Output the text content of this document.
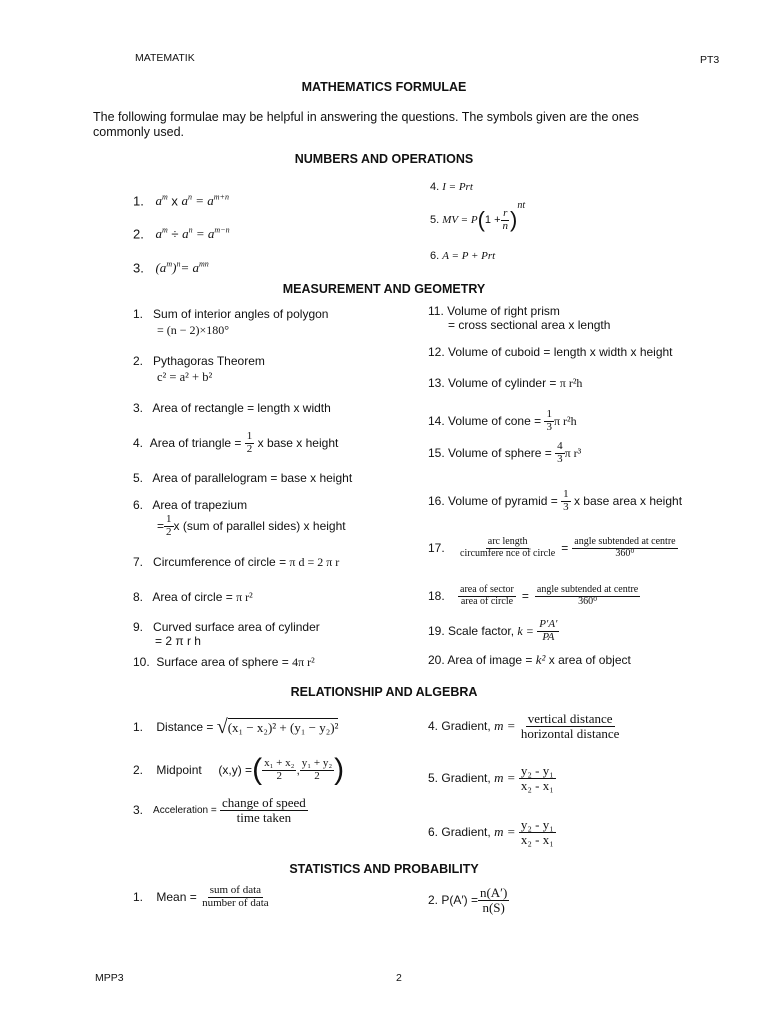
MATEMATIK	PT3
MATHEMATICS FORMULAE
The following formulae may be helpful in answering the questions. The symbols given are the ones
commonly used.
NUMBERS AND OPERATIONS
1. $a^m$ x $a^n = a^{m+n}$
2. $a^m \div a^n = a^{m-n}$
3. $(a^m)^n= a^{mn}$
4. I = Prt
5.
MV = P ( $1 + \frac{r}{n}$ )
nt
6. A = P + Prt
MEASUREMENT AND GEOMETRY
1. Sum of interior angles of polygon
= (n − 2)×180°
2. Pythagoras Theorem
c² = a² + b²
3. Area of rectangle = length x width
4.
Area of triangle =
$\frac{1}{2}$
x base x height
5. Area of parallelogram = base x height
6. Area of trapezium
= $\frac{1}{2}$ x (sum of parallel sides) x height
7. Circumference of circle = π d = 2 π r
8. Area of circle = π r²
9. Curved surface area of cylinder
= 2 π r h
10. Surface area of sphere = 4π r²
11. Volume of right prism
= cross sectional area x length
12. Volume of cuboid = length x width x height
13. Volume of cylinder = π r²h
14.
Volume of cone =
$\frac{1}{3}$ π r²h
15.
Volume of sphere =
$\frac{4}{3}$ π r³
16.
Volume of pyramid =
$\frac{1}{3}$
x base area x height
17.
$\frac{\text{arc length}}{\text{circumfere nce of circle}} = \frac{\text{angle subtended at centre}}{\text{360⁰}}$
18.
$\frac{\text{area of sector}}{\text{area of circle}} = \frac{\text{angle subtended at centre}}{\text{360⁰}}$
19.
Scale factor,
k =
$\frac{P'A'}{PA}$
20. Area of image = k² x area of object
RELATIONSHIP AND ALGEBRA
1.
Distance =
√ (x₁ − x₂)² + (y₁ − y₂)²
2.
Midpoint
(x,y) = ( $\frac{\text{x₁ + x₂}}{2}$ , $\frac{\text{y₁ + y₂}}{2}$ )
3.
Acceleration =
$\frac{\text{change of speed}}{\text{time taken}}$
4.
Gradient,
m =
$\frac{\text{vertical distance}}{\text{horizontal distance}}$
5.
Gradient,
m =
$\frac{\text{y₂ - y₁}}{\text{x₂ - x₁}}$
6.
Gradient,
m =
$\frac{\text{y₂ - y₁}}{\text{x₂ - x₁}}$
STATISTICS AND PROBABILITY
1.
Mean =
$\frac{\text{sum of data}}{\text{number of data}}$	2.
$P(A') = \frac{n(A')}{n(S)}$
MPP3	2
